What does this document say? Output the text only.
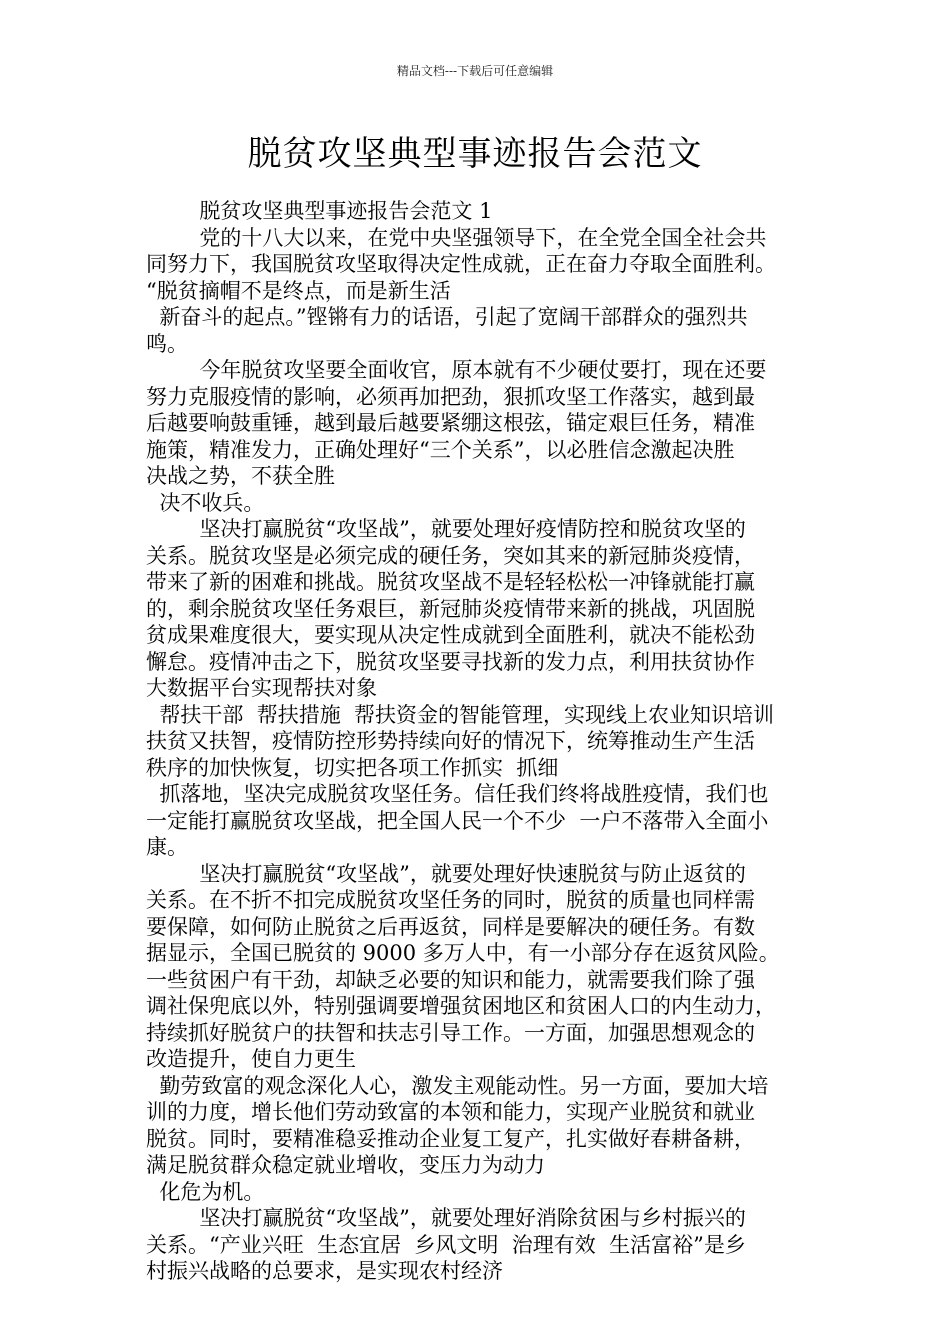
精品文档---下载后可任意编辑
脱贫攻坚典型事迹报告会范文
脱贫攻坚典型事迹报告会范文 1
党的十八大以来，在党中央坚强领导下，在全党全国全社会共
同努力下，我国脱贫攻坚取得决定性成就，正在奋力夺取全面胜利。
“脱贫摘帽不是终点，而是新生活
新奋斗的起点。”铿锵有力的话语，引起了宽阔干部群众的强烈共
鸣。
今年脱贫攻坚要全面收官，原本就有不少硬仗要打，现在还要
努力克服疫情的影响，必须再加把劲，狠抓攻坚工作落实，越到最
后越要响鼓重锤，越到最后越要紧绷这根弦，锚定艰巨任务，精准
施策，精准发力，正确处理好“三个关系”，以必胜信念激起决胜
决战之势，不获全胜
决不收兵。
坚决打赢脱贫“攻坚战”，就要处理好疫情防控和脱贫攻坚的
关系。脱贫攻坚是必须完成的硬任务，突如其来的新冠肺炎疫情，
带来了新的困难和挑战。脱贫攻坚战不是轻轻松松一冲锋就能打赢
的，剩余脱贫攻坚任务艰巨，新冠肺炎疫情带来新的挑战，巩固脱
贫成果难度很大，要实现从决定性成就到全面胜利，就决不能松劲
懈怠。疫情冲击之下，脱贫攻坚要寻找新的发力点，利用扶贫协作
大数据平台实现帮扶对象
帮扶干部  帮扶措施  帮扶资金的智能管理，实现线上农业知识培训
扶贫又扶智，疫情防控形势持续向好的情况下，统筹推动生产生活
秩序的加快恢复，切实把各项工作抓实  抓细
抓落地，坚决完成脱贫攻坚任务。信任我们终将战胜疫情，我们也
一定能打赢脱贫攻坚战，把全国人民一个不少  一户不落带入全面小
康。
坚决打赢脱贫“攻坚战”，就要处理好快速脱贫与防止返贫的
关系。在不折不扣完成脱贫攻坚任务的同时，脱贫的质量也同样需
要保障，如何防止脱贫之后再返贫，同样是要解决的硬任务。有数
据显示，全国已脱贫的 9000 多万人中，有一小部分存在返贫风险。
一些贫困户有干劲，却缺乏必要的知识和能力，就需要我们除了强
调社保兜底以外，特别强调要增强贫困地区和贫困人口的内生动力，
持续抓好脱贫户的扶智和扶志引导工作。一方面，加强思想观念的
改造提升，使自力更生
勤劳致富的观念深化人心，激发主观能动性。另一方面，要加大培
训的力度，增长他们劳动致富的本领和能力，实现产业脱贫和就业
脱贫。同时，要精准稳妥推动企业复工复产，扎实做好春耕备耕，
满足脱贫群众稳定就业增收，变压力为动力
化危为机。
坚决打赢脱贫“攻坚战”，就要处理好消除贫困与乡村振兴的
关系。“产业兴旺  生态宜居  乡风文明  治理有效  生活富裕”是乡
村振兴战略的总要求，是实现农村经济
